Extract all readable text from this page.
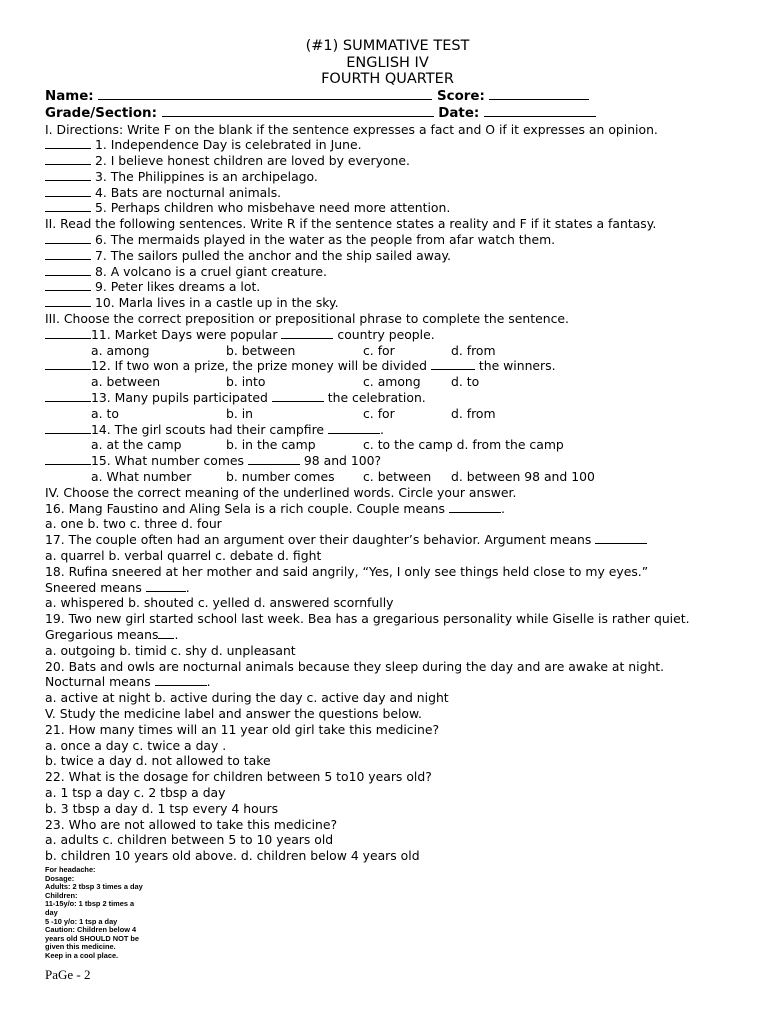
(#1) SUMMATIVE TEST
ENGLISH IV
FOURTH QUARTER
Name:	Score:
Grade/Section:	Date:
I. Directions: Write F on the blank if the sentence expresses a fact and O if it expresses an opinion.
1. Independence Day is celebrated in June.
2. I believe honest children are loved by everyone.
3. The Philippines is an archipelago.
4. Bats are nocturnal animals.
5. Perhaps children who misbehave need more attention.
II. Read the following sentences. Write R if the sentence states a reality and F if it states a fantasy.
6. The mermaids played in the water as the people from afar watch them.
7. The sailors pulled the anchor and the ship sailed away.
8. A volcano is a cruel giant creature.
9. Peter likes dreams a lot.
10. Marla lives in a castle up in the sky.
III. Choose the correct preposition or prepositional phrase to complete the sentence.
11. Market Days were popular	country people.
a. among	b. between	c. for	d. from
12. If two won a prize, the prize money will be divided	the winners.
a. between	b. into	c. among	d. to
13. Many pupils participated	the celebration.
a. to	b. in	c. for	d. from
14. The girl scouts had their campfire	.
a. at the camp	b. in the camp	c. to the camp d. from the camp
15. What number comes	98 and 100?
a. What number	b. number comes	c. between	d. between 98 and 100
IV. Choose the correct meaning of the underlined words. Circle your answer.
16. Mang Faustino and Aling Sela is a rich couple. Couple means	.
a. one b. two c. three d. four
17. The couple often had an argument over their daughter’s behavior. Argument means
a. quarrel b. verbal quarrel c. debate d. fight
18. Rufina sneered at her mother and said angrily, “Yes, I only see things held close to my eyes.”
Sneered means	.
a. whispered b. shouted c. yelled d. answered scornfully
19. Two new girl started school last week. Bea has a gregarious personality while Giselle is rather quiet.
Gregarious means .
a. outgoing b. timid c. shy d. unpleasant
20. Bats and owls are nocturnal animals because they sleep during the day and are awake at night.
Nocturnal means	.
a. active at night b. active during the day c. active day and night
V. Study the medicine label and answer the questions below.
21. How many times will an 11 year old girl take this medicine?
a. once a day c. twice a day .
b. twice a day d. not allowed to take
22. What is the dosage for children between 5 to10 years old?
a. 1 tsp a day c. 2 tbsp a day
b. 3 tbsp a day d. 1 tsp every 4 hours
23. Who are not allowed to take this medicine?
a. adults c. children between 5 to 10 years old
b. children 10 years old above. d. children below 4 years old
For headache:
Dosage:
Adults: 2 tbsp 3 times a day
Children:
11-15y/o: 1 tbsp 2 times a
day
5 -10 y/o: 1 tsp a day
Caution: Children below 4
years old SHOULD NOT be
given this medicine.
Keep in a cool place.
PaGe - 2
